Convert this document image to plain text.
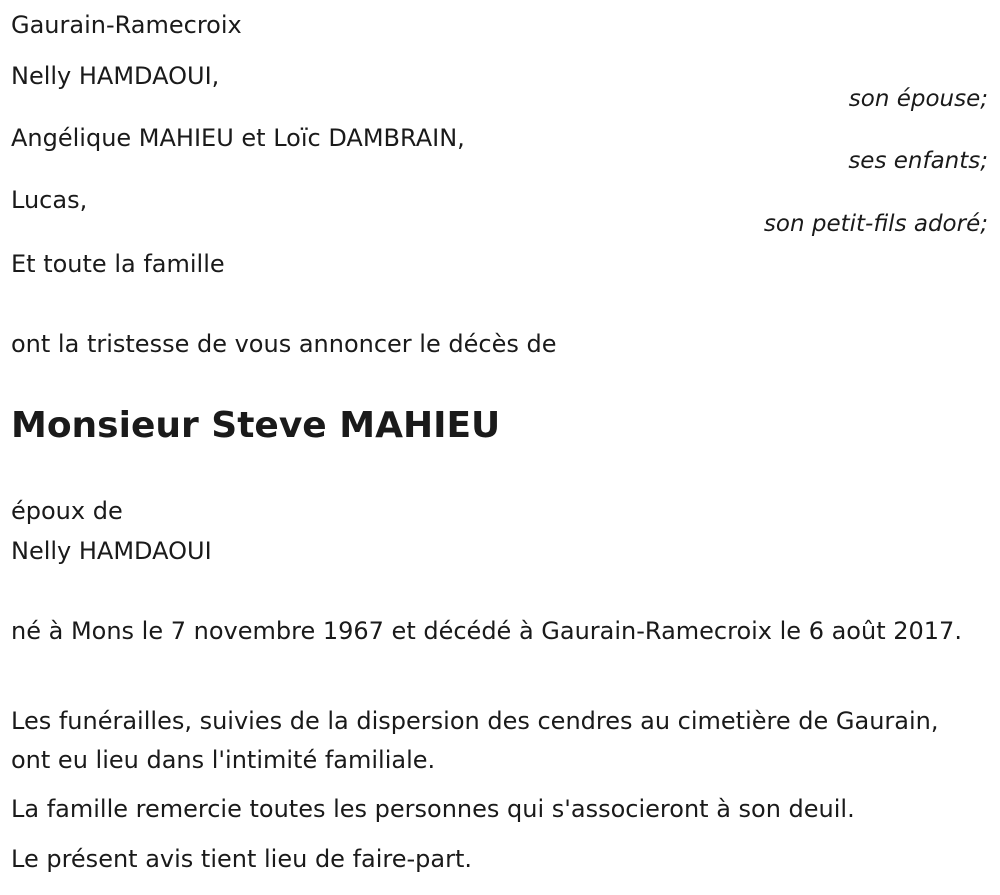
Gaurain-Ramecroix
Nelly HAMDAOUI,
son épouse;
Angélique MAHIEU et Loïc DAMBRAIN,
ses enfants;
Lucas,
son petit-fils adoré;
Et toute la famille
ont la tristesse de vous annoncer le décès de
Monsieur Steve MAHIEU
époux de
Nelly HAMDAOUI
né à Mons le 7 novembre 1967 et décédé à Gaurain-Ramecroix le 6 août 2017.
Les funérailles, suivies de la dispersion des cendres au cimetière de Gaurain, ont eu lieu dans l'intimité familiale.
La famille remercie toutes les personnes qui s'associeront à son deuil.
Le présent avis tient lieu de faire-part.
